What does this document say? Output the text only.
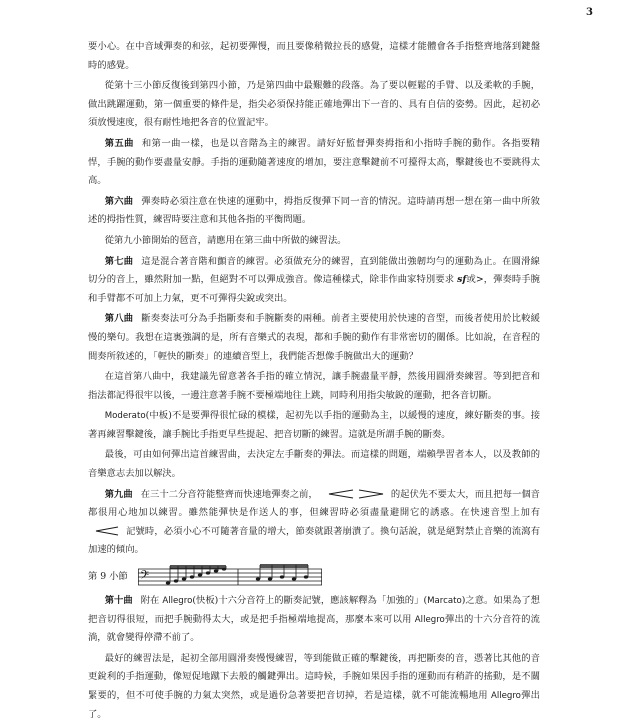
3

要小心。在中音域彈奏的和弦，起初要彈慢，而且要像稍微拉長的感覺，這樣才能體會各手指整齊地落到鍵盤時的感覺。

從第十三小節反復後到第四小節，乃是第四曲中最艱難的段落。為了要以輕鬆的手臂、以及柔軟的手腕，做出跳躍運動，第一個重要的條件是，指尖必須保持能正確地彈出下一音的、具有自信的姿勢。因此，起初必須放慢速度，很有耐性地把各音的位置記牢。

第五曲 和第一曲一樣，也是以音階為主的練習。請好好監督彈奏拇指和小指時手腕的動作。各指要精悍，手腕的動作要盡量安靜。手指的運動隨著速度的增加，要注意擊鍵前不可擡得太高，擊鍵後也不要跳得太高。

第六曲 彈奏時必須注意在快速的運動中，拇指反復彈下同一音的情況。這時請再想一想在第一曲中所敘述的拇指性質，練習時要注意和其他各指的平衡問題。

從第九小節開始的琶音，請應用在第三曲中所做的練習法。

第七曲 這是混合著音階和顫音的練習。必須做充分的練習，直到能做出強韌均勻的運動為止。在圓滑線切分的音上，雖然附加一點，但絕對不可以彈成強音。像這種樣式，除非作曲家特別要求 sf或>，彈奏時手腕和手臂都不可加上力氣，更不可彈得尖銳或突出。

第八曲 斷奏奏法可分為手指斷奏和手腕斷奏的兩種。前者主要使用於快速的音型，而後者使用於比較緩慢的樂句。我想在這裏強調的是，所有音樂式的表現，都和手腕的動作有非常密切的關係。比如說，在音程的間奏所敘述的，「輕快的斷奏」的連續音型上，我們能否想像手腕做出大的運動？

在這首第八曲中，我建議先留意著各手指的確立情況，讓手腕盡量平靜，然後用圓滑奏練習。等到把音和指法都記得很牢以後，一邊注意著手腕不要極端地往上跳，同時利用指尖敏銳的運動，把各音切斷。

Moderato(中板)不是要彈得很忙碌的模樣，起初先以手指的運動為主，以緩慢的速度，練好斷奏的事。接著再練習擊鍵後，讓手腕比手指更早些提起、把音切斷的練習。這就是所謂手腕的斷奏。

最後，可由如何彈出這首練習曲，去決定左手斷奏的彈法。而這樣的問題，端賴學習者本人，以及教師的音樂意志去加以解決。

第九曲 在三十二分音符能整齊而快速地彈奏之前，	的起伏先不要太大，而且把每一個音都很用心地加以練習。雖然能彈快是作送人的事，但練習時必須盡量避開它的誘惑。在快速音型上加有 記號時，必須小心不可隨著音量的增大，節奏就跟著崩潰了。換句話說，就是絕對禁止音樂的流瀉有加速的傾向。

第 9 小節 𝄢

第十曲 附在 Allegro(快板)十六分音符上的斷奏記號，應該解釋為「加強的」(Marcato)之意。如果為了想把音切得很短，而把手腕動得太大，或是把手指極端地提高，那麼本來可以用 Allegro彈出的十六分音符的流淌，就會變得停滯不前了。

最好的練習法是，起初全部用圓滑奏慢慢練習，等到能做正確的擊鍵後，再把斷奏的音，憑著比其他的音更銳利的手指運動，像短促地蹴下去般的觸鍵彈出。這時候，手腕如果因手指的運動而有稍許的搖動，是不關緊要的，但不可使手腕的力氣太突然，或是過份急著要把音切掉，若是這樣，就不可能流暢地用 Allegro彈出了。
